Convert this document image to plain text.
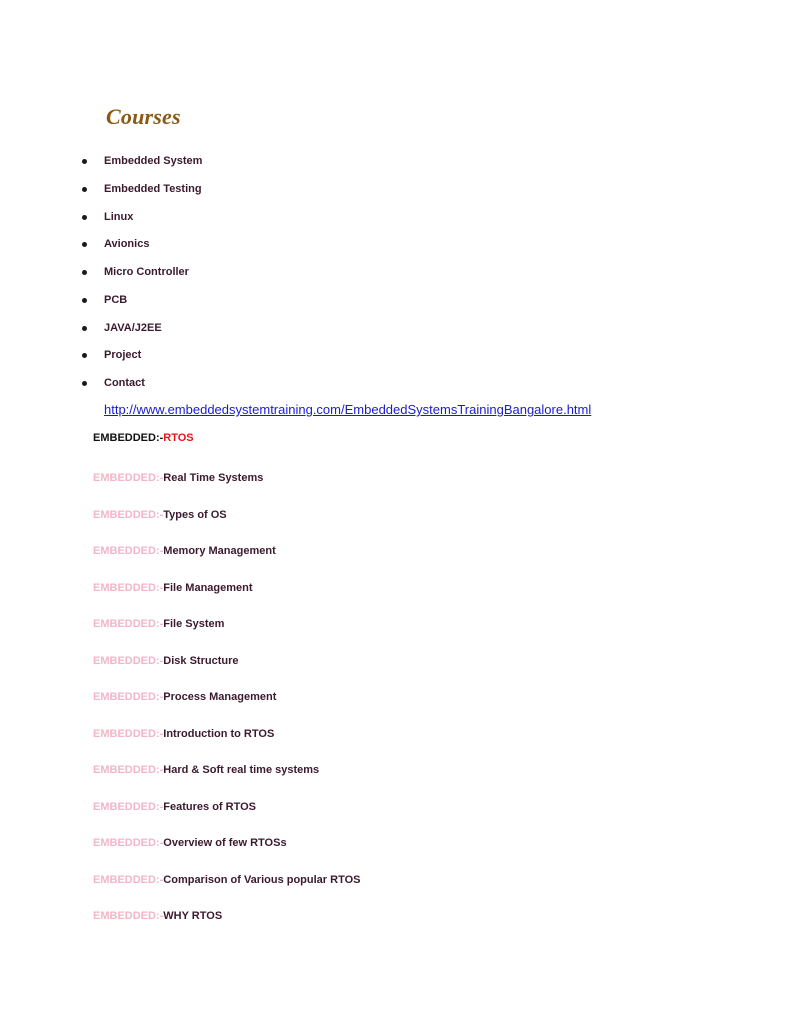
Courses
Embedded System
Embedded Testing
Linux
Avionics
Micro Controller
PCB
JAVA/J2EE
Project
Contact
http://www.embeddedsystemtraining.com/EmbeddedSystemsTrainingBangalore.html
EMBEDDED:-RTOS
EMBEDDED:-Real Time Systems
EMBEDDED:-Types of OS
EMBEDDED:-Memory Management
EMBEDDED:-File Management
EMBEDDED:-File System
EMBEDDED:-Disk Structure
EMBEDDED:-Process Management
EMBEDDED:-Introduction to RTOS
EMBEDDED:-Hard & Soft real time systems
EMBEDDED:-Features of RTOS
EMBEDDED:-Overview of few RTOSs
EMBEDDED:-Comparison of Various popular RTOS
EMBEDDED:-WHY RTOS
